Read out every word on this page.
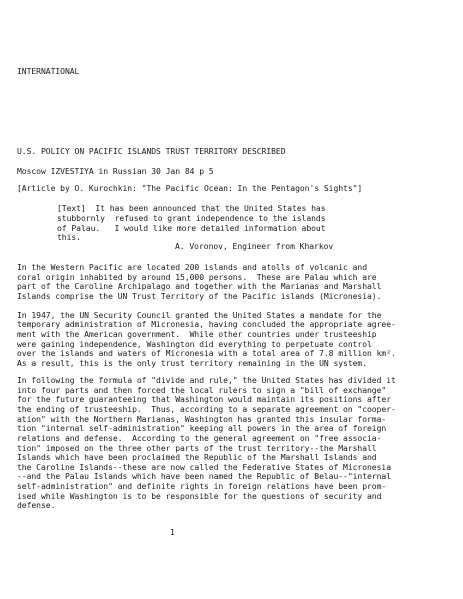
INTERNATIONAL

U.S. POLICY ON PACIFIC ISLANDS TRUST TERRITORY DESCRIBED

Moscow IZVESTIYA in Russian 30 Jan 84 p 5

[Article by O. Kurochkin: "The Pacific Ocean: In the Pentagon's Sights"]

[Text]  It has been announced that the United States has

stubbornly  refused to grant independence to the islands

of Palau.   I would like more detailed information about

this.

A. Voronov, Engineer from Kharkov

In the Western Pacific are located 200 islands and atolls of volcanic and

coral origin inhabited by around 15,000 persons.  These are Palau which are

part of the Caroline Archipalago and together with the Marianas and Marshall

Islands comprise the UN Trust Territory of the Pacific islands (Micronesia).

In 1947, the UN Security Council granted the United States a mandate for the

temporary administration of Micronesia, having concluded the appropriate agree-

ment with the American government.  While other countries under trusteeship

were gaining independence, Washington did everything to perpetuate control

over the islands and waters of Micronesia with a total area of 7.8 million km².

As a result, this is the only trust territory remaining in the UN system.

In following the formula of "divide and rule," the United States has divided it

into four parts and then forced the local rulers to sign a "bill of exchange"

for the future guaranteeing that Washington would maintain its positions after

the ending of trusteeship.  Thus, according to a separate agreement on "cooper-

ation" with the Northern Marianas, Washington has granted this insular forma-

tion "internal self-administration" keeping all powers in the area of foreign

relations and defense.  According to the general agreement on "free associa-

tion" imposed on the three other parts of the trust territory--the Marshall

Islands which have been proclaimed the Republic of the Marshall Islands and

the Caroline Islands--these are now called the Federative States of Micronesia

--and the Palau Islands which have been named the Republic of Belau--"internal

self-administration" and definite rights in foreign relations have been prom-

ised while Washington is to be responsible for the questions of security and

defense.

1
